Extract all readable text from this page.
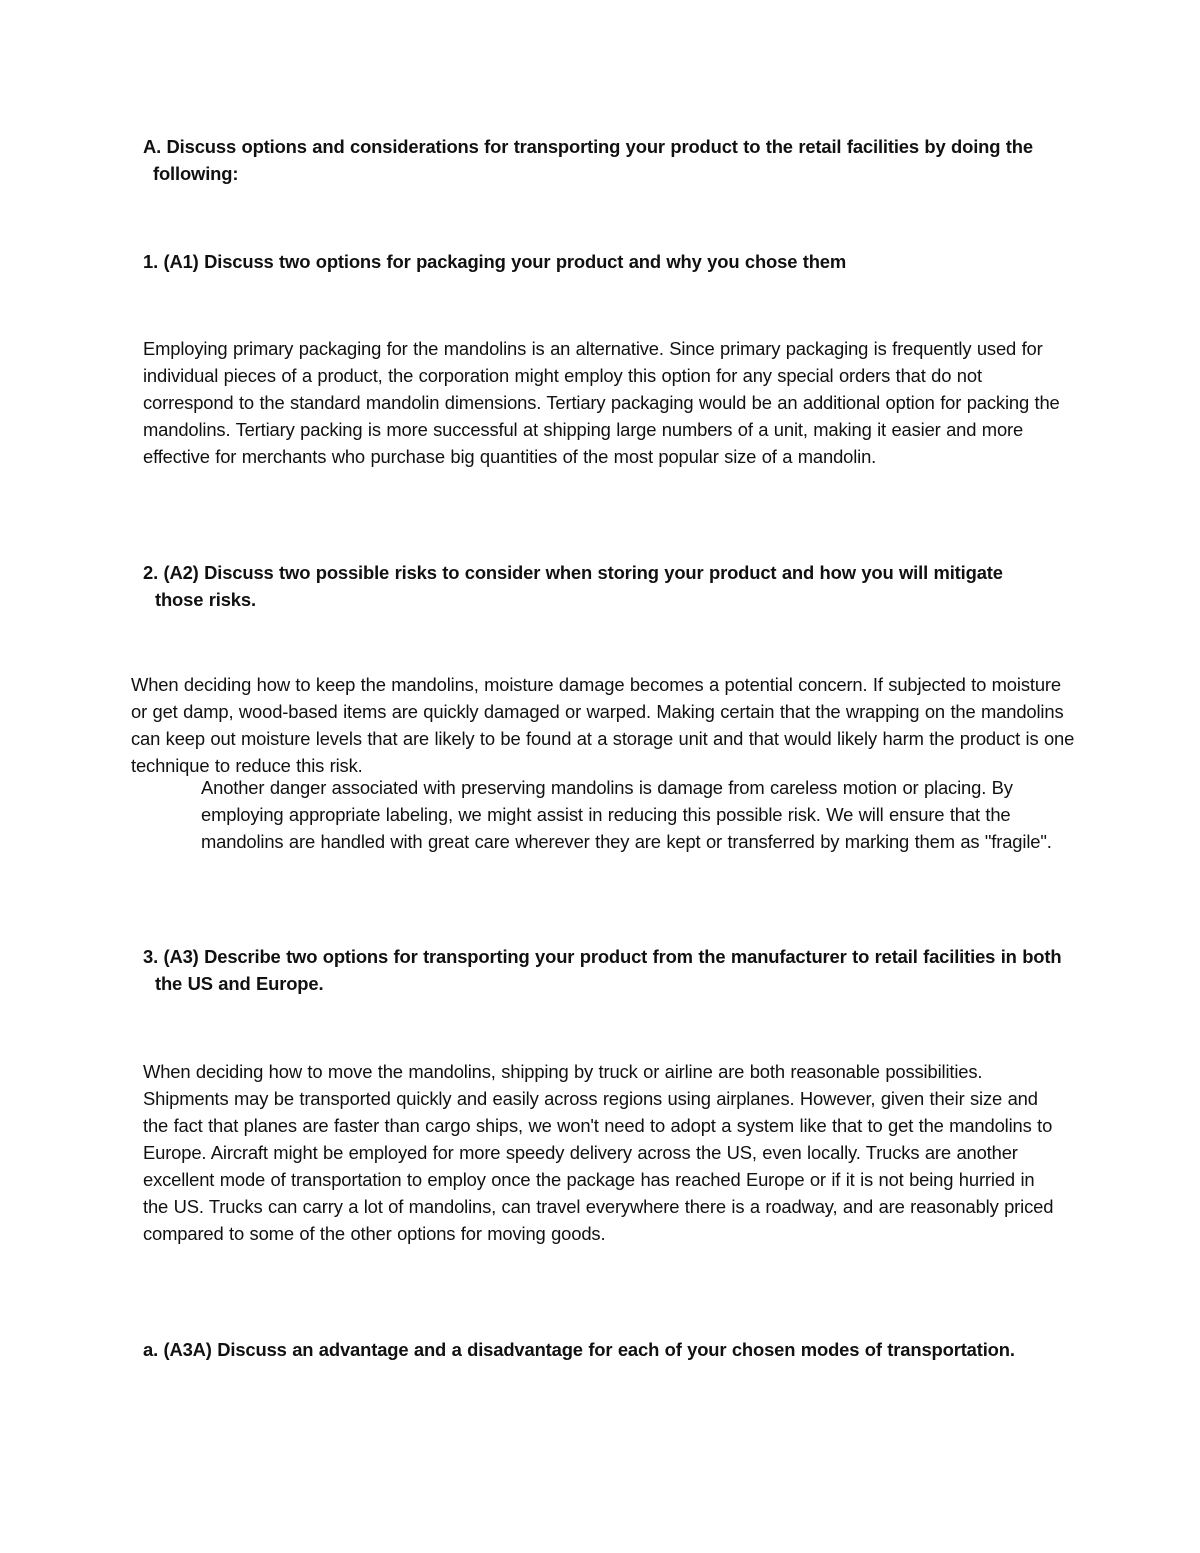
A. Discuss options and considerations for transporting your product to the retail facilities by doing the following:

1. (A1) Discuss two options for packaging your product and why you chose them

Employing primary packaging for the mandolins is an alternative. Since primary packaging is frequently used for individual pieces of a product, the corporation might employ this option for any special orders that do not correspond to the standard mandolin dimensions. Tertiary packaging would be an additional option for packing the mandolins. Tertiary packing is more successful at shipping large numbers of a unit, making it easier and more effective for merchants who purchase big quantities of the most popular size of a mandolin.

2. (A2) Discuss two possible risks to consider when storing your product and how you will mitigate those risks.

When deciding how to keep the mandolins, moisture damage becomes a potential concern. If subjected to moisture or get damp, wood-based items are quickly damaged or warped. Making certain that the wrapping on the mandolins can keep out moisture levels that are likely to be found at a storage unit and that would likely harm the product is one technique to reduce this risk.

Another danger associated with preserving mandolins is damage from careless motion or placing. By employing appropriate labeling, we might assist in reducing this possible risk. We will ensure that the mandolins are handled with great care wherever they are kept or transferred by marking them as "fragile".

3. (A3) Describe two options for transporting your product from the manufacturer to retail facilities in both the US and Europe.

When deciding how to move the mandolins, shipping by truck or airline are both reasonable possibilities. Shipments may be transported quickly and easily across regions using airplanes. However, given their size and the fact that planes are faster than cargo ships, we won't need to adopt a system like that to get the mandolins to Europe. Aircraft might be employed for more speedy delivery across the US, even locally. Trucks are another excellent mode of transportation to employ once the package has reached Europe or if it is not being hurried in the US. Trucks can carry a lot of mandolins, can travel everywhere there is a roadway, and are reasonably priced compared to some of the other options for moving goods.

a. (A3A) Discuss an advantage and a disadvantage for each of your chosen modes of transportation.
